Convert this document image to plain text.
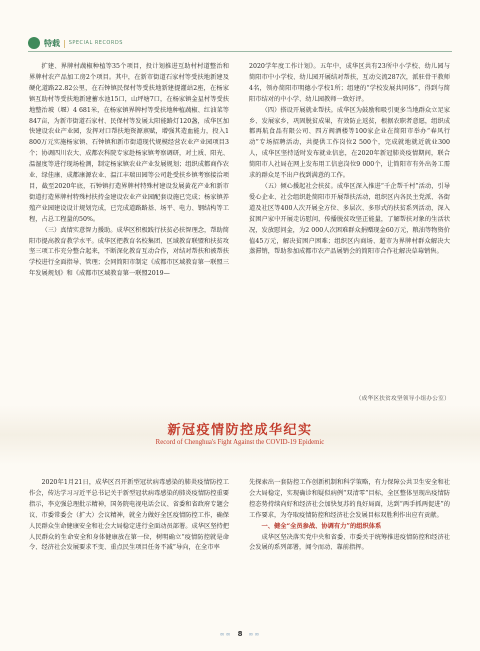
特载 | SPECIAL RECORDS

扩建、界牌村蔬椒种植等35个项目，投计划推进互助村村道整治和界牌村农产品加工房2个项目。其中，在新市街道石家村等受扶地新建及硬化道路22.82公里，在石钟镇民保村等受扶地新建提灌站2座，在杨家镇互助村等受扶地新建蓄水池15口，山坪塘7口，在杨家镇金星村等受扶地整治坡（堰）4 681米，在杨家镇界牌村等受扶地种植蔬椒、红油菜等847亩，为新市街道石家村、民保村等发展太阳能路灯120盏，成华区加快建设农业产业园，发挥对口帮扶地资源禀赋，增强其造血能力，投入1 800万元实施杨家镇、石钟镇和新市街道现代规模经营农业产业园项目3个；协调四川农大、成都农科院专家赴杨家镇考察调研，对土质、阳光、温湿度等进行现场检测，制定杨家镇农业产业发展规划；组织成都商作农业、绿佳康、成都康源农业、温江丰瑞田园等公司赴受扶乡镇考察接洽项目，截至2020年底，石钟镇打造界牌村特殊村建设发展黄花产业和新市街道打造界牌村特殊村扶持金建设农业产业园配套设施已完成；杨家镇养殖产业园建设设计规划完成，已完成道路路基、场平、电力、钢结构等工程，占总工程量的50%。

（三）真情实意智力援助。成华区积极践行扶贫必扶智理念，帮助简阳市提高教育教学水平。成华区把教育名校集团、区域教育联盟和扶贫攻坚三项工作充分整合起来，不断深化教育互动合作，对结对帮扶和被帮扶学校进行全面指导、管理；会同简阳市制定《成都市区域教育第一联盟三年发展规划》和《成都市区域教育第一联盟2019—

2020学年度工作计划》。五年中，成华区共有23所中小学校、幼儿园与简阳市中小学校、幼儿园开展结对帮扶，互动交流287次，派驻骨干教师4名，领办简阳市明德小学校1所；组建的“学校发展共同体”，得到与简阳市结对的中小学、幼儿园教师一致好评。

（四）搭设开展就业帮扶。成华区为鼓励和吸引更多当地群众立足家乡、发展家乡，巩固脱贫成果，有效防止返贫，根据农职者意愿，组织成都再航食品有限公司、四方阀酒楼等100家企业在简阳市举办“春风行动”专场招聘活动，共提供工作岗位2 500个，完成就地就近就业300人，成华区坚持适时发布就业信息，在2020年新冠肺炎疫情期间，联合简阳市人社局在网上发布用工信息岗位9 000个，让简阳市有外出务工需求的群众足不出户找到满意的工作。

（五）倾心援起社会扶贫。成华区深入推进“千企帮千村”活动，引导爱心企业、社会组织赴简阳市开展帮扶活动，组织区内各民主党派、各街道及社区等400人次开展全方位、多层次、多形式的扶贫系列活动，深入贫困户家中开展走访慰问，传播脱贫攻坚正能量，了解帮扶对象的生活状况，发放慰问金，为2 000人次困难群众捐赠现金60万元，粮油等物资价值45万元，解决贫困户困难；组织区内商场、超市为界牌村群众解决大蒸滞销，帮助参加成都市农产品展销会的简阳市合作社解决草莓销售。

（成华区扶贫攻坚领导小组办公室）
新冠疫情防控成华纪实
Record of Chenghua's Fight Against the COVID-19 Epidemic

2020年1月21日，成华区召开新型冠状病毒感染的肺炎疫情防控工作会，传达学习习近平总书记关于新型冠状病毒感染的肺炎疫情防控重要指示，李克强总理批示精神，国务院电视电话会议、省委和省政府专题会议、市委常委会（扩大）会议精神，就全力做好全区疫情防控工作，确保人民群众生命健康安全和社会大局稳定进行全面动员部署。成华区坚持把人民群众的生命安全和身体健康放在第一位，树明确立“疫情防控就是命令、经济社会发展要求不变、重点民生项目任务不减”导向，在全市率

先探索出一套防控工作创新机制和科学策略，有力保障公共卫生安全和社会大局稳定，实现确诊和疑似病例“双清零”目标，全区整体呈现出疫情防控态势持续向好和经济社会加快复苏的良好局面，达到“两手抓两促进”的工作要求，为夺取疫情防控和经济社会发展目标双胜利作出应有贡献。

一、健全“全员参战、协调有力”的组织体系

成华区坚决落实党中央和省委、市委关于统筹推进疫情防控和经济社会发展的系列部署，闻令而动、靠前指挥。

∞∞ 8 ∞∞
